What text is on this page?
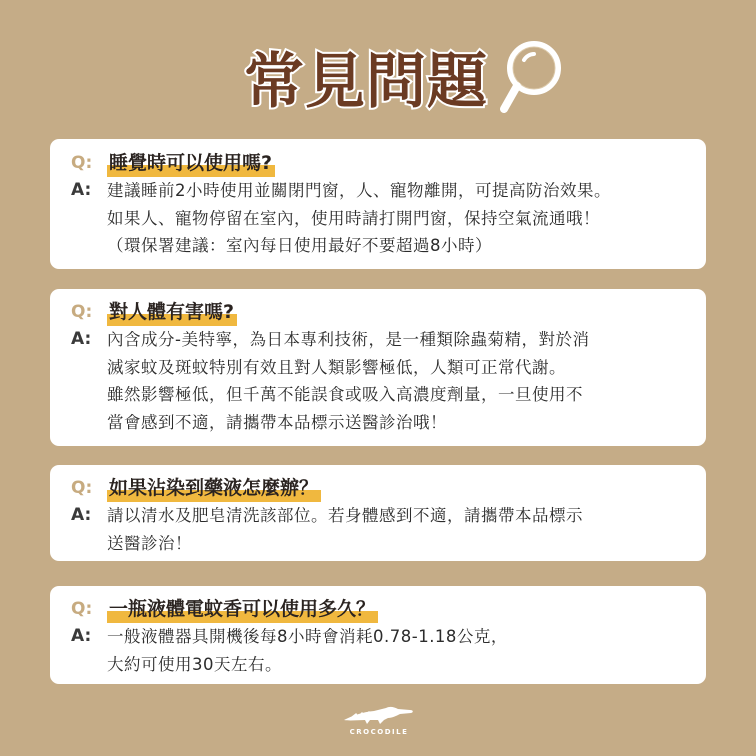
常見問題
Q: 睡覺時可以使用嗎?
A: 建議睡前2小時使用並關閉門窗，人、寵物離開，可提高防治效果。
如果人、寵物停留在室內，使用時請打開門窗，保持空氣流通哦！
（環保署建議：室內每日使用最好不要超過8小時）
Q: 對人體有害嗎?
A: 內含成分-美特寧，為日本專利技術，是一種類除蟲菊精，對於消
滅家蚊及斑蚊特別有效且對人類影響極低，人類可正常代謝。
雖然影響極低，但千萬不能誤食或吸入高濃度劑量，一旦使用不
當會感到不適，請攜帶本品標示送醫診治哦！
Q: 如果沾染到藥液怎麼辦？
A: 請以清水及肥皂清洗該部位。若身體感到不適，請攜帶本品標示
送醫診治！
Q: 一瓶液體電蚊香可以使用多久？
A: 一般液體器具開機後每8小時會消耗0.78-1.18公克，
大約可使用30天左右。
CROCODILE
